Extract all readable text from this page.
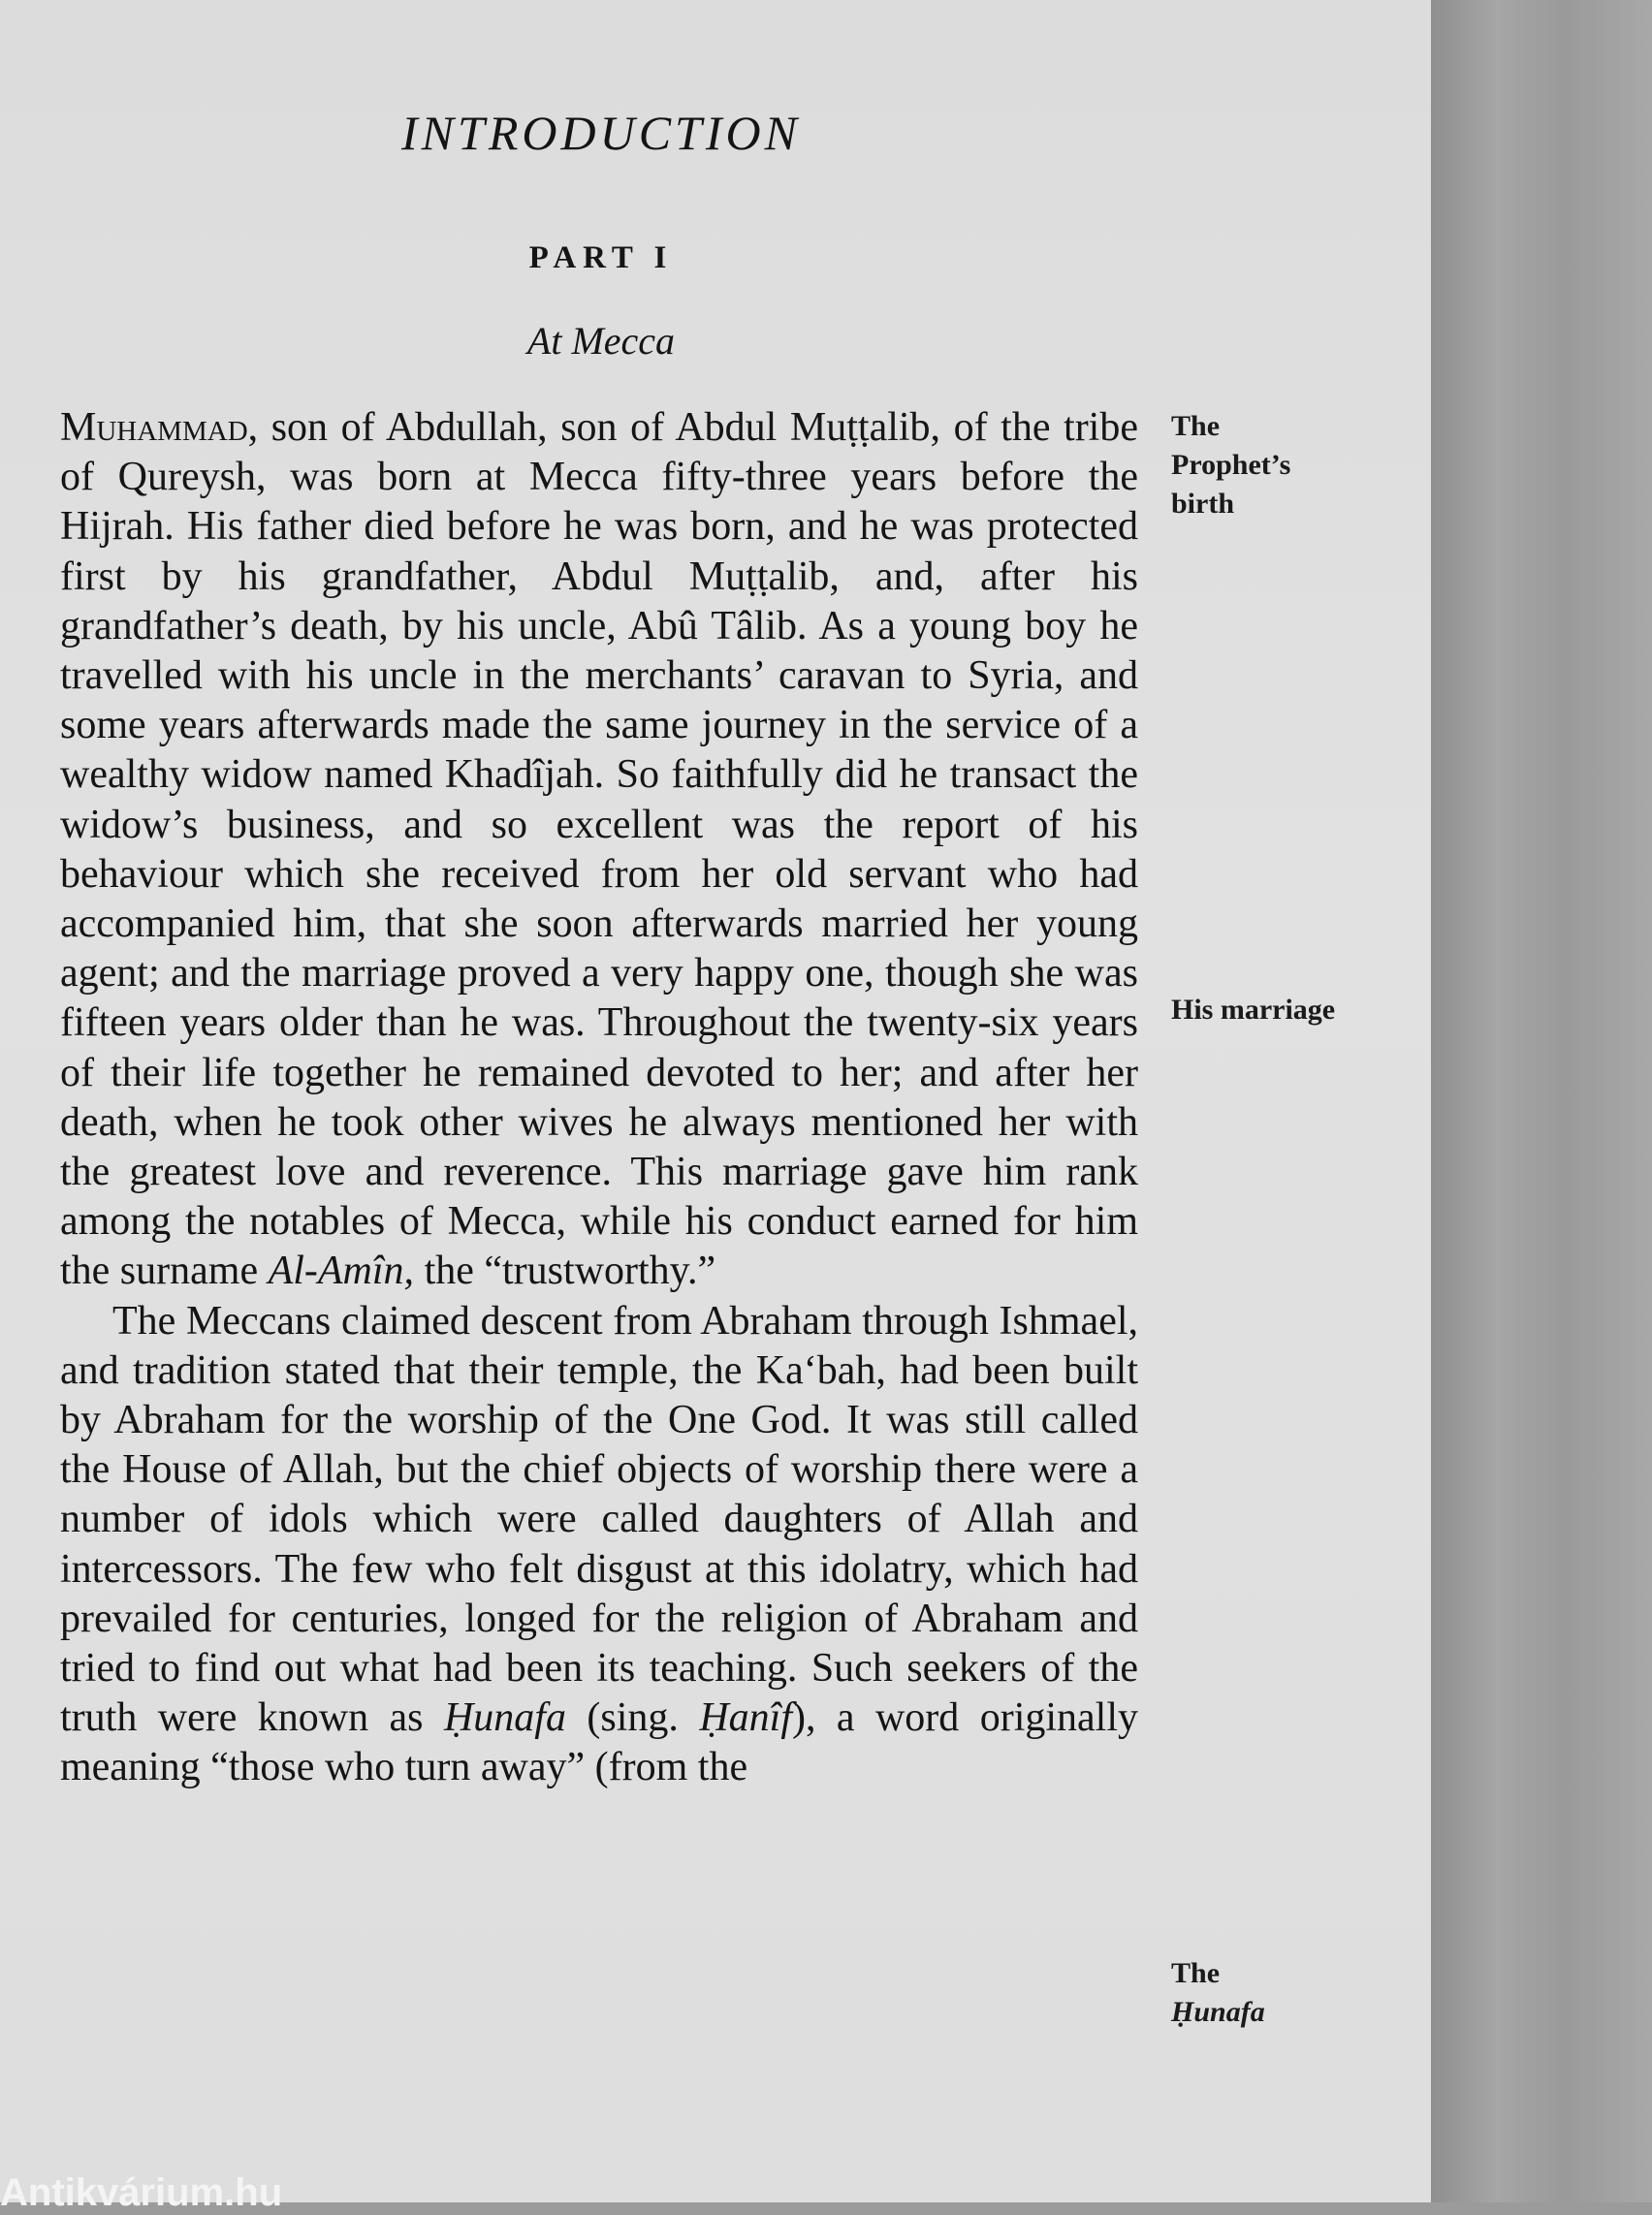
INTRODUCTION
PART I
At Mecca

Muhammad, son of Abdullah, son of Abdul Muṭṭalib, of the tribe of Qureysh, was born at Mecca fifty-three years before the Hijrah. His father died before he was born, and he was protected first by his grandfather, Abdul Muṭṭalib, and, after his grandfather’s death, by his uncle, Abû Tâlib. As a young boy he travelled with his uncle in the merchants’ caravan to Syria, and some years afterwards made the same journey in the service of a wealthy widow named Khadîjah. So faithfully did he transact the widow’s business, and so excellent was the report of his behaviour which she received from her old servant who had accompanied him, that she soon afterwards married her young agent; and the marriage proved a very happy one, though she was fifteen years older than he was. Throughout the twenty-six years of their life together he remained devoted to her; and after her death, when he took other wives he always mentioned her with the greatest love and reverence. This marriage gave him rank among the notables of Mecca, while his conduct earned for him the surname Al-Amîn, the “trustworthy.”

The Meccans claimed descent from Abraham through Ishmael, and tradition stated that their temple, the Ka‘bah, had been built by Abraham for the worship of the One God. It was still called the House of Allah, but the chief objects of worship there were a number of idols which were called daughters of Allah and intercessors. The few who felt disgust at this idolatry, which had prevailed for centuries, longed for the religion of Abraham and tried to find out what had been its teaching. Such seekers of the truth were known as Ḥunafa (sing. Ḥanîf), a word originally meaning “those who turn away” (from the

The Prophet’s birth
His marriage
The
Ḥunafa
Antikvárium.hu
